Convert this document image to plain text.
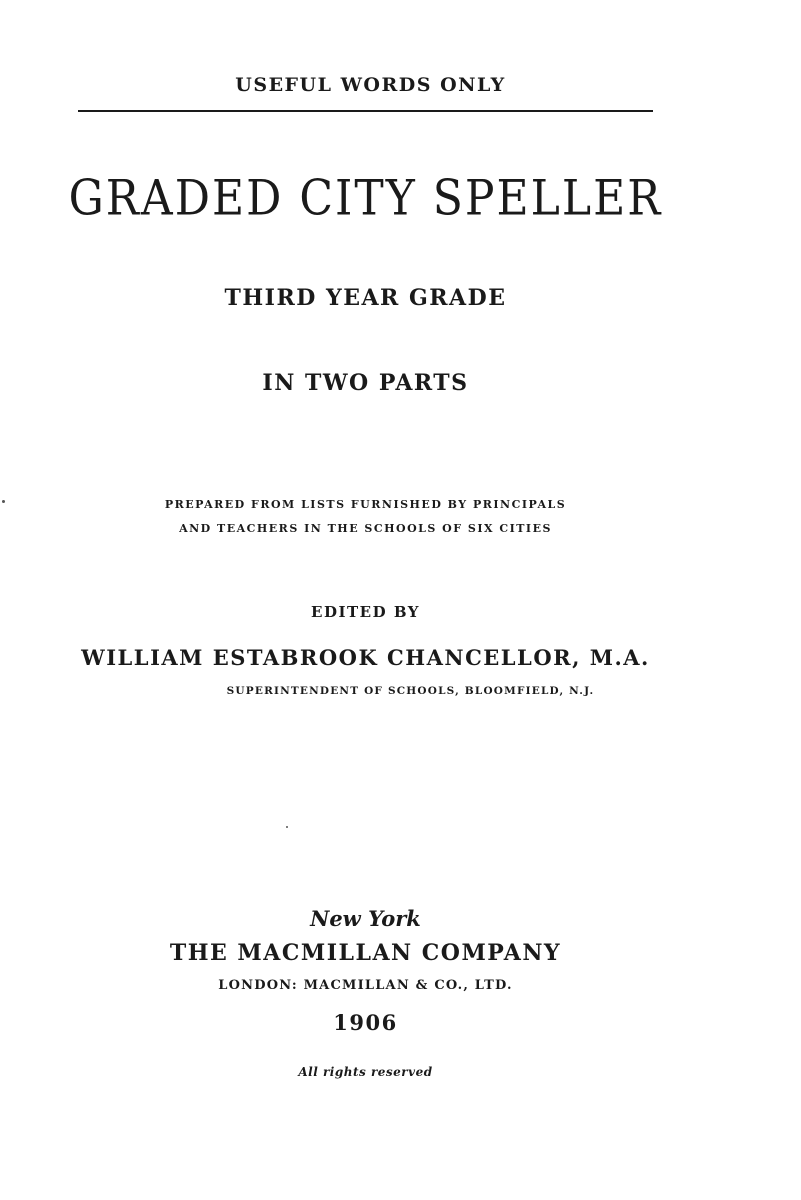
USEFUL WORDS ONLY
GRADED CITY SPELLER
THIRD YEAR GRADE
IN TWO PARTS
PREPARED FROM LISTS FURNISHED BY PRINCIPALS
AND TEACHERS IN THE SCHOOLS OF SIX CITIES
EDITED BY
WILLIAM ESTABROOK CHANCELLOR, M.A.
SUPERINTENDENT OF SCHOOLS, BLOOMFIELD, N.J.
New York
THE MACMILLAN COMPANY
LONDON: MACMILLAN & CO., LTD.
1906
All rights reserved
